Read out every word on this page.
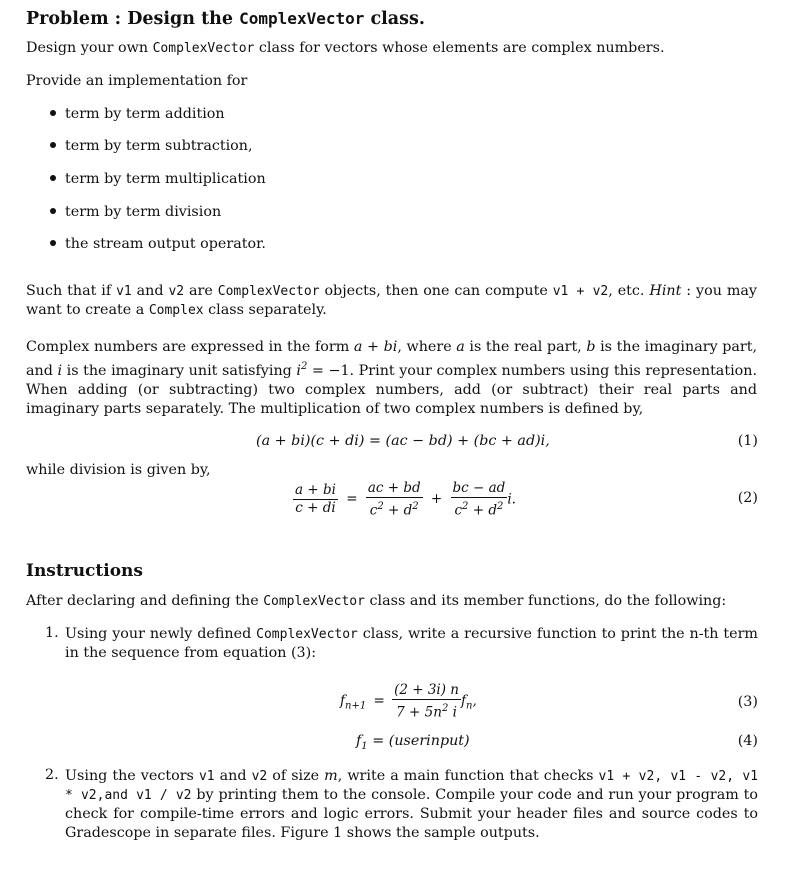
Problem : Design the ComplexVector class.
Design your own ComplexVector class for vectors whose elements are complex numbers.
Provide an implementation for
term by term addition
term by term subtraction,
term by term multiplication
term by term division
the stream output operator.
Such that if v1 and v2 are ComplexVector objects, then one can compute v1 + v2, etc. Hint : you may want to create a Complex class separately.
Complex numbers are expressed in the form a + bi, where a is the real part, b is the imaginary part, and i is the imaginary unit satisfying $i^2 = -1$. Print your complex numbers using this representation. When adding (or subtracting) two complex numbers, add (or subtract) their real parts and imaginary parts separately. The multiplication of two complex numbers is defined by,
(a + bi)(c + di) = (ac − bd) + (bc + ad)i,	(1)
while division is given by,
$\frac{a + bi}{c + di} = \frac{ac + bd}{c^2 + d^2} + \frac{bc - ad}{c^2 + d^2} i$.	(2)
Instructions
After declaring and defining the ComplexVector class and its member functions, do the following:
1. Using your newly defined ComplexVector class, write a recursive function to print the n-th term in the sequence from equation (3):
$f_{n+1} = \frac{(2 + 3i) n}{7 + 5n^2 i} f_n$,	(3)
$f_1$ = (userinput)	(4)
2. Using the vectors v1 and v2 of size m, write a main function that checks v1 + v2, v1 - v2, v1 * v2,and v1 / v2 by printing them to the console. Compile your code and run your program to check for compile-time errors and logic errors. Submit your header files and source codes to Gradescope in separate files. Figure 1 shows the sample outputs.
